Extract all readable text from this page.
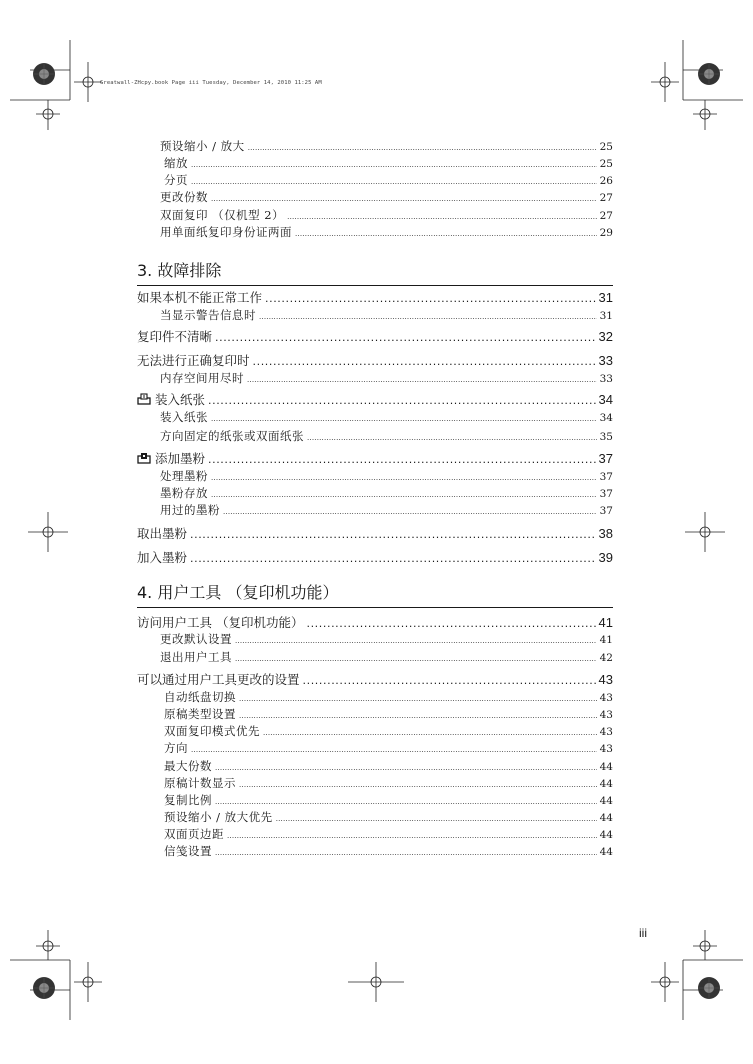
Greatwall-ZHcpy.book Page iii Tuesday, December 14, 2010 11:25 AM
预设缩小 / 放大 .....	25
缩放 .....	25
分页 .....	26
更改份数 .....	27
双面复印 （仅机型 2） .....	27
用单面纸复印身份证两面 .....	29
3. 故障排除
如果本机不能正常工作 .....	31
当显示警告信息时 .....	31
复印件不清晰 .....	32
无法进行正确复印时 .....	33
内存空间用尽时 .....	33
装入纸张 .....	34
装入纸张 .....	34
方向固定的纸张或双面纸张 .....	35
添加墨粉 .....	37
处理墨粉 .....	37
墨粉存放 .....	37
用过的墨粉 .....	37
取出墨粉 .....	38
加入墨粉 .....	39
4. 用户工具 （复印机功能）
访问用户工具 （复印机功能） .....	41
更改默认设置 .....	41
退出用户工具 .....	42
可以通过用户工具更改的设置 .....	43
自动纸盘切换 .....	43
原稿类型设置 .....	43
双面复印模式优先 .....	43
方向 .....	43
最大份数 .....	44
原稿计数显示 .....	44
复制比例 .....	44
预设缩小 / 放大优先 .....	44
双面页边距 .....	44
信笺设置 .....	44
iii
